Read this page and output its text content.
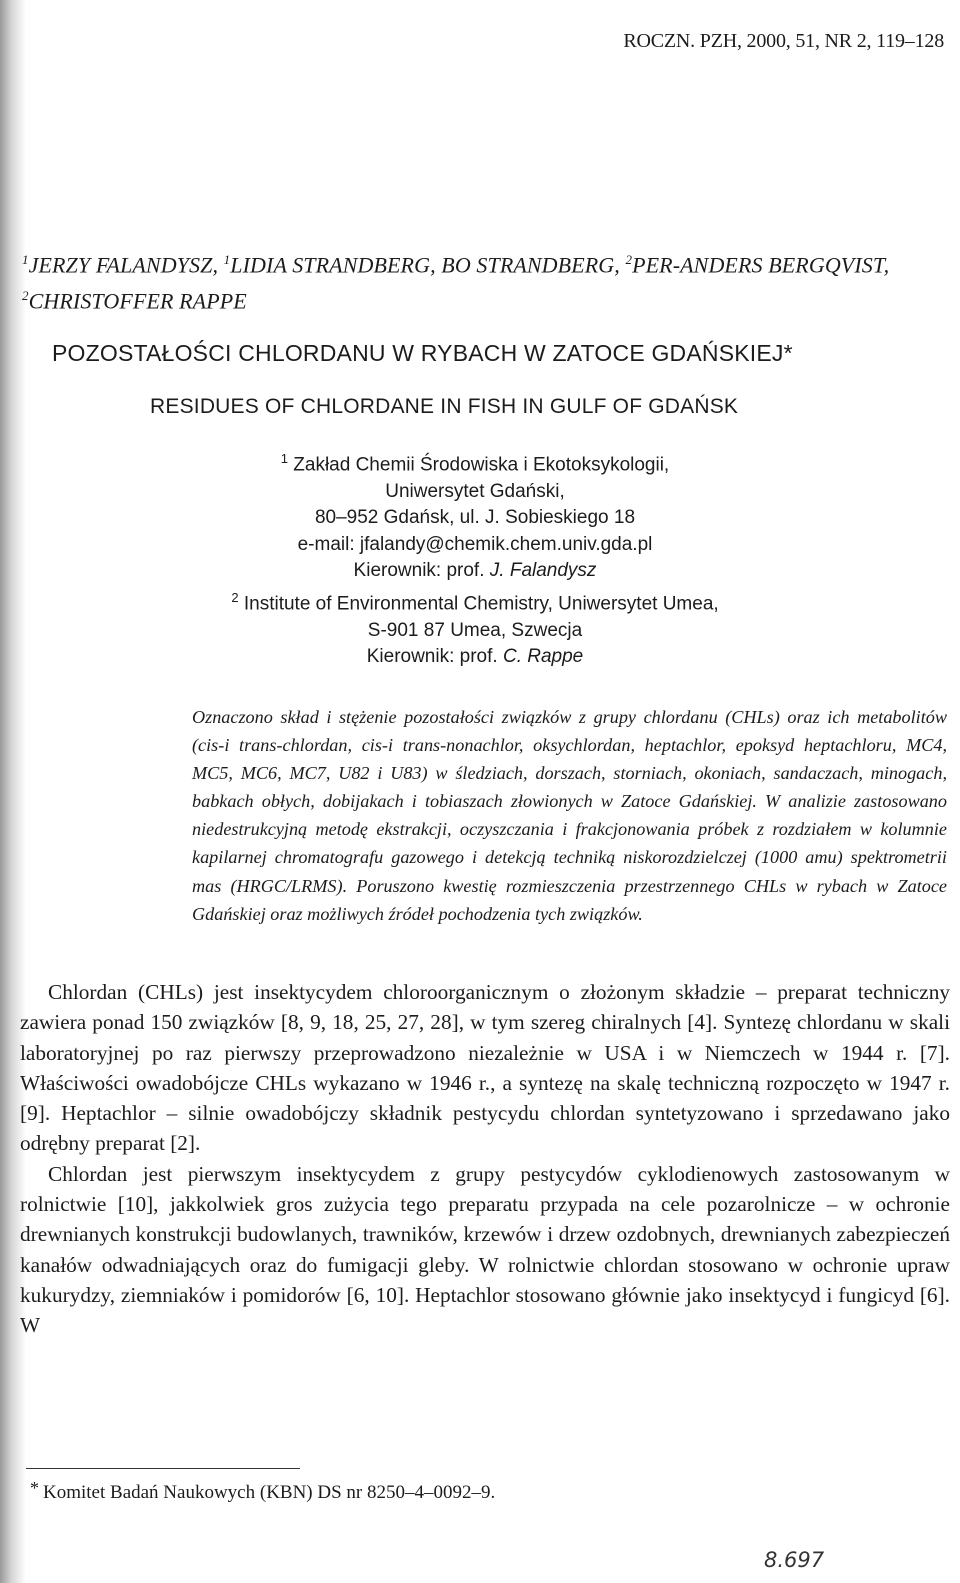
ROCZN. PZH, 2000, 51, NR 2, 119–128
$^1$JERZY FALANDYSZ, $^1$LIDIA STRANDBERG, BO STRANDBERG, $^2$PER-ANDERS BERGQVIST, $^2$CHRISTOFFER RAPPE
POZOSTAŁOŚCI CHLORDANU W RYBACH W ZATOCE GDAŃSKIEJ*
RESIDUES OF CHLORDANE IN FISH IN GULF OF GDAŃSK
$^1$ Zakład Chemii Środowiska i Ekotoksykologii,
Uniwersytet Gdański,
80–952 Gdańsk, ul. J. Sobieskiego 18
e-mail: jfalandy@chemik.chem.univ.gda.pl
Kierownik: prof. J. Falandysz
$^2$ Institute of Environmental Chemistry, Uniwersytet Umea,
S-901 87 Umea, Szwecja
Kierownik: prof. C. Rappe
Oznaczono skład i stężenie pozostałości związków z grupy chlordanu (CHLs) oraz ich metabolitów (cis-i trans-chlordan, cis-i trans-nonachlor, oksychlordan, heptachlor, epoksyd heptachloru, MC4, MC5, MC6, MC7, U82 i U83) w śledziach, dorszach, storniach, okoniach, sandaczach, minogach, babkach obłych, dobijakach i tobiaszach złowionych w Zatoce Gdańskiej. W analizie zastosowano niedestrukcyjną metodę ekstrakcji, oczyszczania i frakcjonowania próbek z rozdziałem w kolumnie kapilarnej chromatografu gazowego i detekcją techniką niskorozdzielczej (1000 amu) spektrometrii mas (HRGC/LRMS). Poruszono kwestię rozmieszczenia przestrzennego CHLs w rybach w Zatoce Gdańskiej oraz możliwych źródeł pochodzenia tych związków.

Chlordan (CHLs) jest insektycydem chloroorganicznym o złożonym składzie – preparat techniczny zawiera ponad 150 związków [8, 9, 18, 25, 27, 28], w tym szereg chiralnych [4]. Syntezę chlordanu w skali laboratoryjnej po raz pierwszy przeprowadzono niezależnie w USA i w Niemczech w 1944 r. [7]. Właściwości owadobójcze CHLs wykazano w 1946 r., a syntezę na skalę techniczną rozpoczęto w 1947 r. [9]. Heptachlor – silnie owadobójczy składnik pestycydu chlordan syntetyzowano i sprzedawano jako odrębny preparat [2].

Chlordan jest pierwszym insektycydem z grupy pestycydów cyklodienowych zastosowanym w rolnictwie [10], jakkolwiek gros zużycia tego preparatu przypada na cele pozarolnicze – w ochronie drewnianych konstrukcji budowlanych, trawników, krzewów i drzew ozdobnych, drewnianych zabezpieczeń kanałów odwadniających oraz do fumigacji gleby. W rolnictwie chlordan stosowano w ochronie upraw kukurydzy, ziemniaków i pomidorów [6, 10]. Heptachlor stosowano głównie jako insektycyd i fungicyd [6]. W

* Komitet Badań Naukowych (KBN) DS nr 8250–4–0092–9.
8.697
